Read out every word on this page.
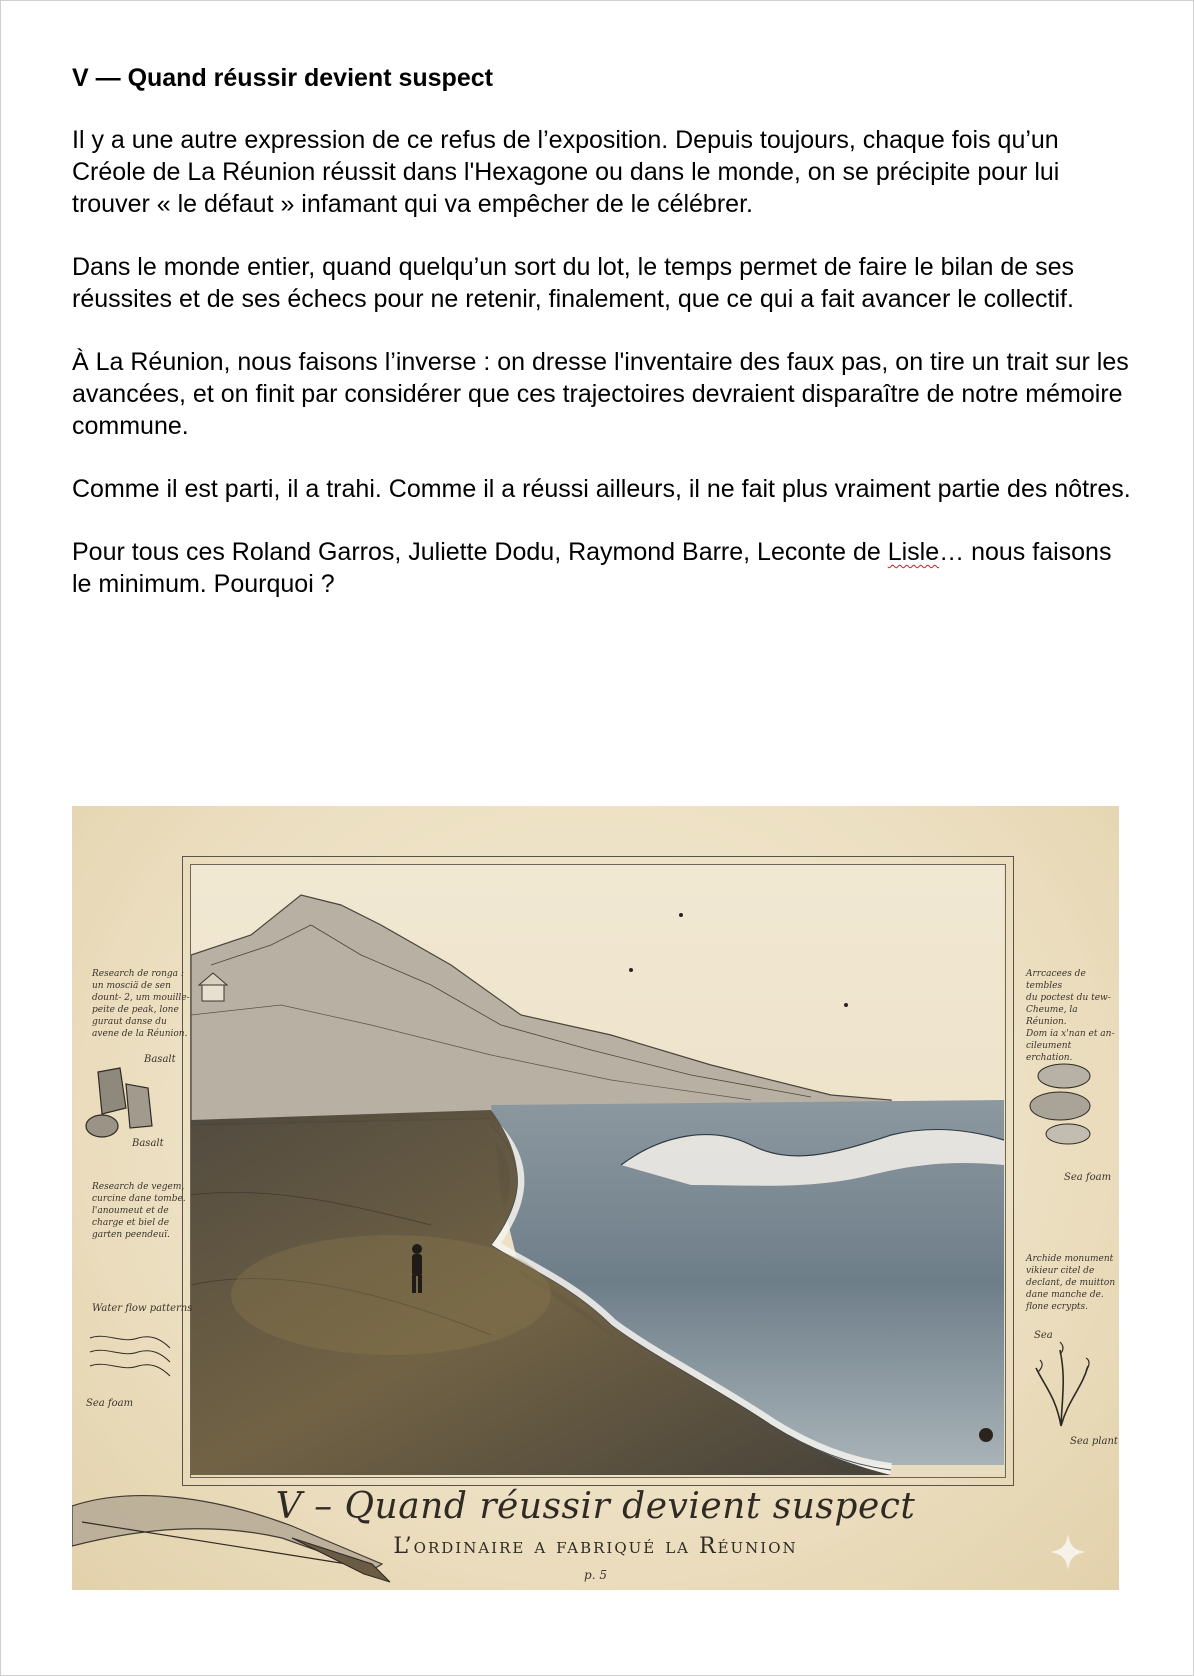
V — Quand réussir devient suspect

Il y a une autre expression de ce refus de l’exposition. Depuis toujours, chaque fois qu’un Créole de La Réunion réussit dans l'Hexagone ou dans le monde, on se précipite pour lui trouver « le défaut » infamant qui va empêcher de le célébrer.

Dans le monde entier, quand quelqu’un sort du lot, le temps permet de faire le bilan de ses réussites et de ses échecs pour ne retenir, finalement, que ce qui a fait avancer le collectif.

À La Réunion, nous faisons l’inverse : on dresse l'inventaire des faux pas, on tire un trait sur les avancées, et on finit par considérer que ces trajectoires devraient disparaître de notre mémoire commune.

Comme il est parti, il a trahi. Comme il a réussi ailleurs, il ne fait plus vraiment partie des nôtres.

Pour tous ces Roland Garros, Juliette Dodu, Raymond Barre, Leconte de Lisle… nous faisons le minimum. Pourquoi ?

Research de ronga :
un mosciä de sen
dount- 2, um mouille-
peite de peak, lone
guraut danse du
avene de la Réunion.
Basalt
Basalt
Research de vegem,
curcine dane tombe.
l'anoumeut et de
charge et biel de
garten peendeuï.
Water flow patterns
Sea foam
Arrcacees de tembles
du poctest du tew-
Cheume, la Réunion.
Dom ia x'nan et an-
cileument erchation.
Sea foam
Archide monument
vikieur citel de
declant, de muitton
dane manche de.
flone ecrypts.
Sea
Sea plant
V – Quand réussir devient suspect
L’ordinaire a fabriqué la Réunion
p. 5
